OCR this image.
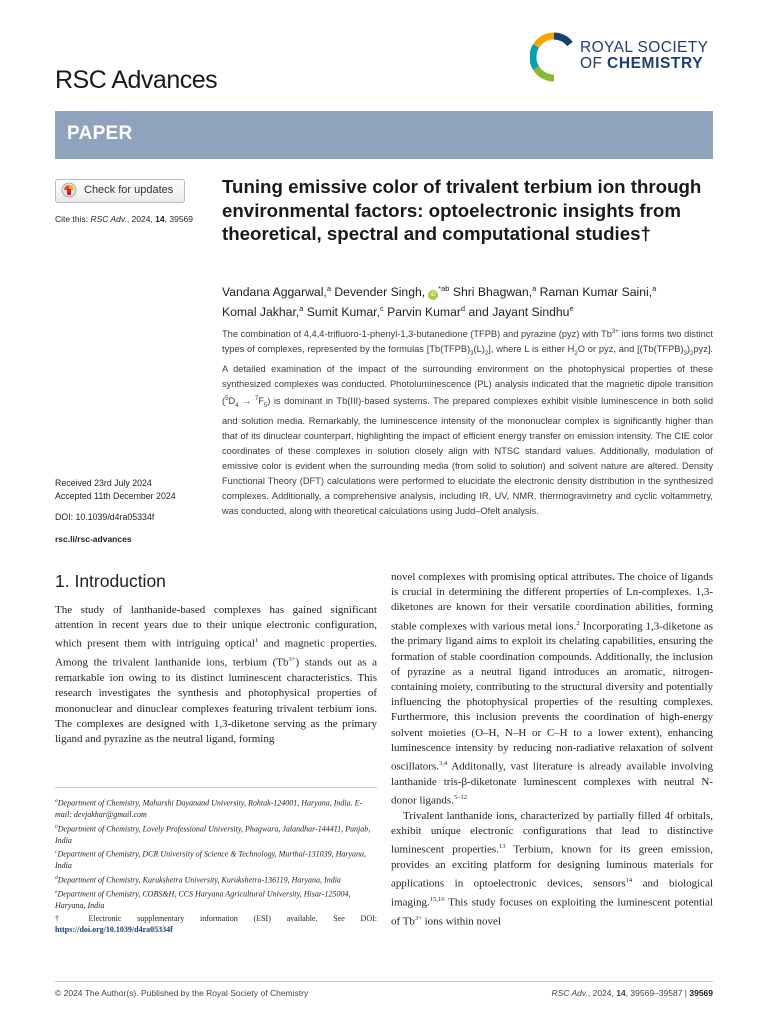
RSC Advances
ROYAL SOCIETY
OF CHEMISTRY
PAPER
Check for updates
Cite this: RSC Adv., 2024, 14, 39569
Tuning emissive color of trivalent terbium ion through environmental factors: optoelectronic insights from theoretical, spectral and computational studies†
Vandana Aggarwal,$^a$ Devender Singh, $iD^{*ab}$ Shri Bhagwan,$^a$ Raman Kumar Saini,$^a$
Komal Jakhar,$^a$ Sumit Kumar,$^c$ Parvin Kumar$^d$ and Jayant Sindhu$^e$
The combination of 4,4,4-trifluoro-1-phenyl-1,3-butanedione (TFPB) and pyrazine (pyz) with $Tb^{3+}$ ions forms two distinct types of complexes, represented by the formulas $[Tb(TFPB)_3(L)_2]$, where L is either $H_2O$ or pyz, and $[(Tb(TFPB)_3)_2pyz]$. A detailed examination of the impact of the surrounding environment on the photophysical properties of these synthesized complexes was conducted. Photoluminescence (PL) analysis indicated that the magnetic dipole transition $(^5D_4 \to ^7F_5)$ is dominant in Tb(III)-based systems. The prepared complexes exhibit visible luminescence in both solid and solution media. Remarkably, the luminescence intensity of the mononuclear complex is significantly higher than that of its dinuclear counterpart, highlighting the impact of efficient energy transfer on emission intensity. The CIE color coordinates of these complexes in solution closely align with NTSC standard values. Additionally, modulation of emissive color is evident when the surrounding media (from solid to solution) and solvent nature are altered. Density Functional Theory (DFT) calculations were performed to elucidate the electronic density distribution in the synthesized complexes. Additionally, a comprehensive analysis, including IR, UV, NMR, thermogravimetry and cyclic voltammetry, was conducted, along with theoretical calculations using Judd–Ofelt analysis.
Received 23rd July 2024
Accepted 11th December 2024
DOI: 10.1039/d4ra05334f
rsc.li/rsc-advances
1. Introduction
The study of lanthanide-based complexes has gained significant attention in recent years due to their unique electronic configuration, which present them with intriguing optical$^1$ and magnetic properties. Among the trivalent lanthanide ions, terbium $(Tb^{3+})$ stands out as a remarkable ion owing to its distinct luminescent characteristics. This research investigates the synthesis and photophysical properties of mononuclear and dinuclear complexes featuring trivalent terbium ions. The complexes are designed with 1,3-diketone serving as the primary ligand and pyrazine as the neutral ligand, forming
$^a$Department of Chemistry, Maharshi Dayanand University, Rohtak-124001, Haryana, India. E-mail: devjakhar@gmail.com
$^b$Department of Chemistry, Lovely Professional University, Phagwara, Jalandhar-144411, Punjab, India
$^c$Department of Chemistry, DCR University of Science & Technology, Murthal-131039, Haryana, India
$^d$Department of Chemistry, Kurukshetra University, Kurukshetra-136119, Haryana, India
$^e$Department of Chemistry, COBS&H, CCS Haryana Agricultural University, Hisar-125004, Haryana, India
† Electronic supplementary information (ESI) available. See DOI: https://doi.org/10.1039/d4ra05334f

novel complexes with promising optical attributes. The choice of ligands is crucial in determining the different properties of Ln-complexes. 1,3-diketones are known for their versatile coordination abilities, forming stable complexes with various metal ions.$^2$ Incorporating 1,3-diketone as the primary ligand aims to exploit its chelating capabilities, ensuring the formation of stable coordination compounds. Additionally, the inclusion of pyrazine as a neutral ligand introduces an aromatic, nitrogen-containing moiety, contributing to the structural diversity and potentially influencing the photophysical properties of the resulting complexes. Furthermore, this inclusion prevents the coordination of high-energy solvent moieties (O–H, N–H or C–H to a lower extent), enhancing luminescence intensity by reducing non-radiative relaxation of solvent oscillators.$^{3,4}$ Additonally, vast literature is already available involving lanthanide tris-β-diketonate luminescent complexes with neutral N-donor ligands.$^{5-12}$

Trivalent lanthanide ions, characterized by partially filled 4f orbitals, exhibit unique electronic configurations that lead to distinctive luminescent properties.$^{13}$ Terbium, known for its green emission, provides an exciting platform for designing luminous materials for applications in optoelectronic devices, sensors$^{14}$ and biological imaging.$^{15,16}$ This study focuses on exploiting the luminescent potential of $Tb^{3+}$ ions within novel

© 2024 The Author(s). Published by the Royal Society of Chemistry	RSC Adv., 2024, 14, 39569–39587 | 39569
